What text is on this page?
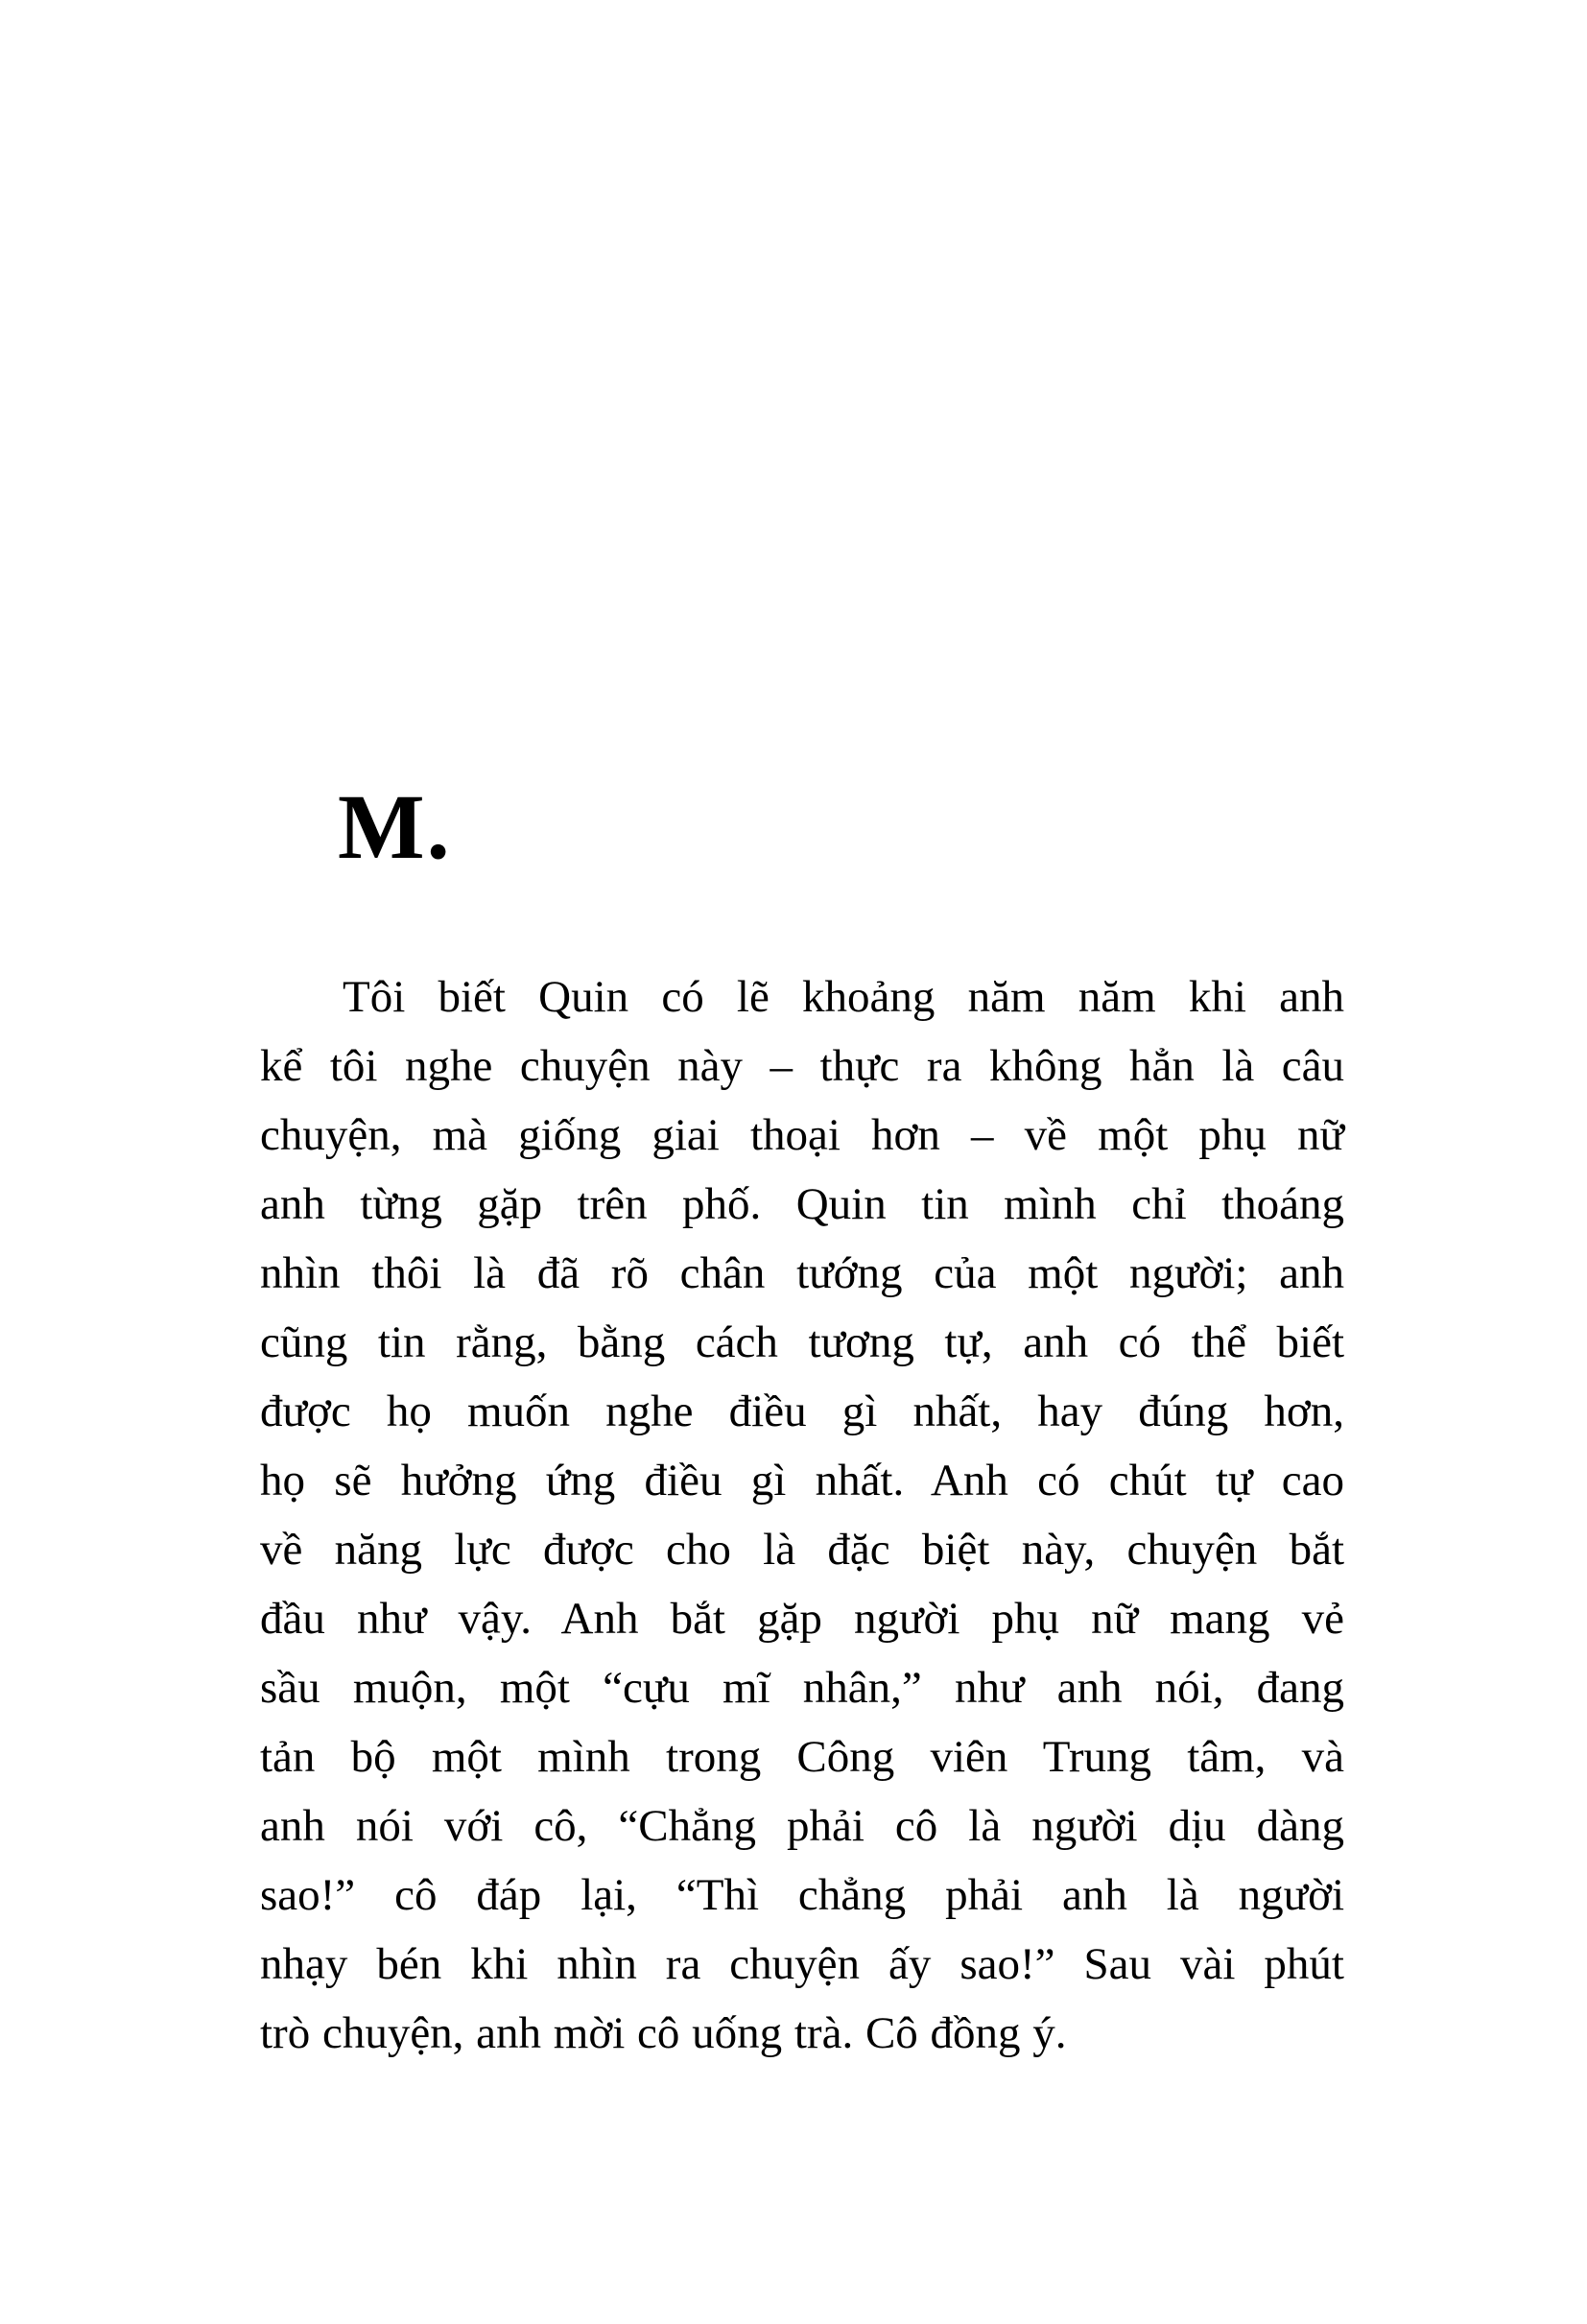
M.
Tôi biết Quin có lẽ khoảng năm năm khi anh
kể tôi nghe chuyện này – thực ra không hẳn là câu
chuyện, mà giống giai thoại hơn – về một phụ nữ
anh từng gặp trên phố. Quin tin mình chỉ thoáng
nhìn thôi là đã rõ chân tướng của một người; anh
cũng tin rằng, bằng cách tương tự, anh có thể biết
được họ muốn nghe điều gì nhất, hay đúng hơn,
họ sẽ hưởng ứng điều gì nhất. Anh có chút tự cao
về năng lực được cho là đặc biệt này, chuyện bắt
đầu như vậy. Anh bắt gặp người phụ nữ mang vẻ
sầu muộn, một “cựu mĩ nhân,” như anh nói, đang
tản bộ một mình trong Công viên Trung tâm, và
anh nói với cô, “Chẳng phải cô là người dịu dàng
sao!” cô đáp lại, “Thì chẳng phải anh là người
nhạy bén khi nhìn ra chuyện ấy sao!” Sau vài phút
trò chuyện, anh mời cô uống trà. Cô đồng ý.
